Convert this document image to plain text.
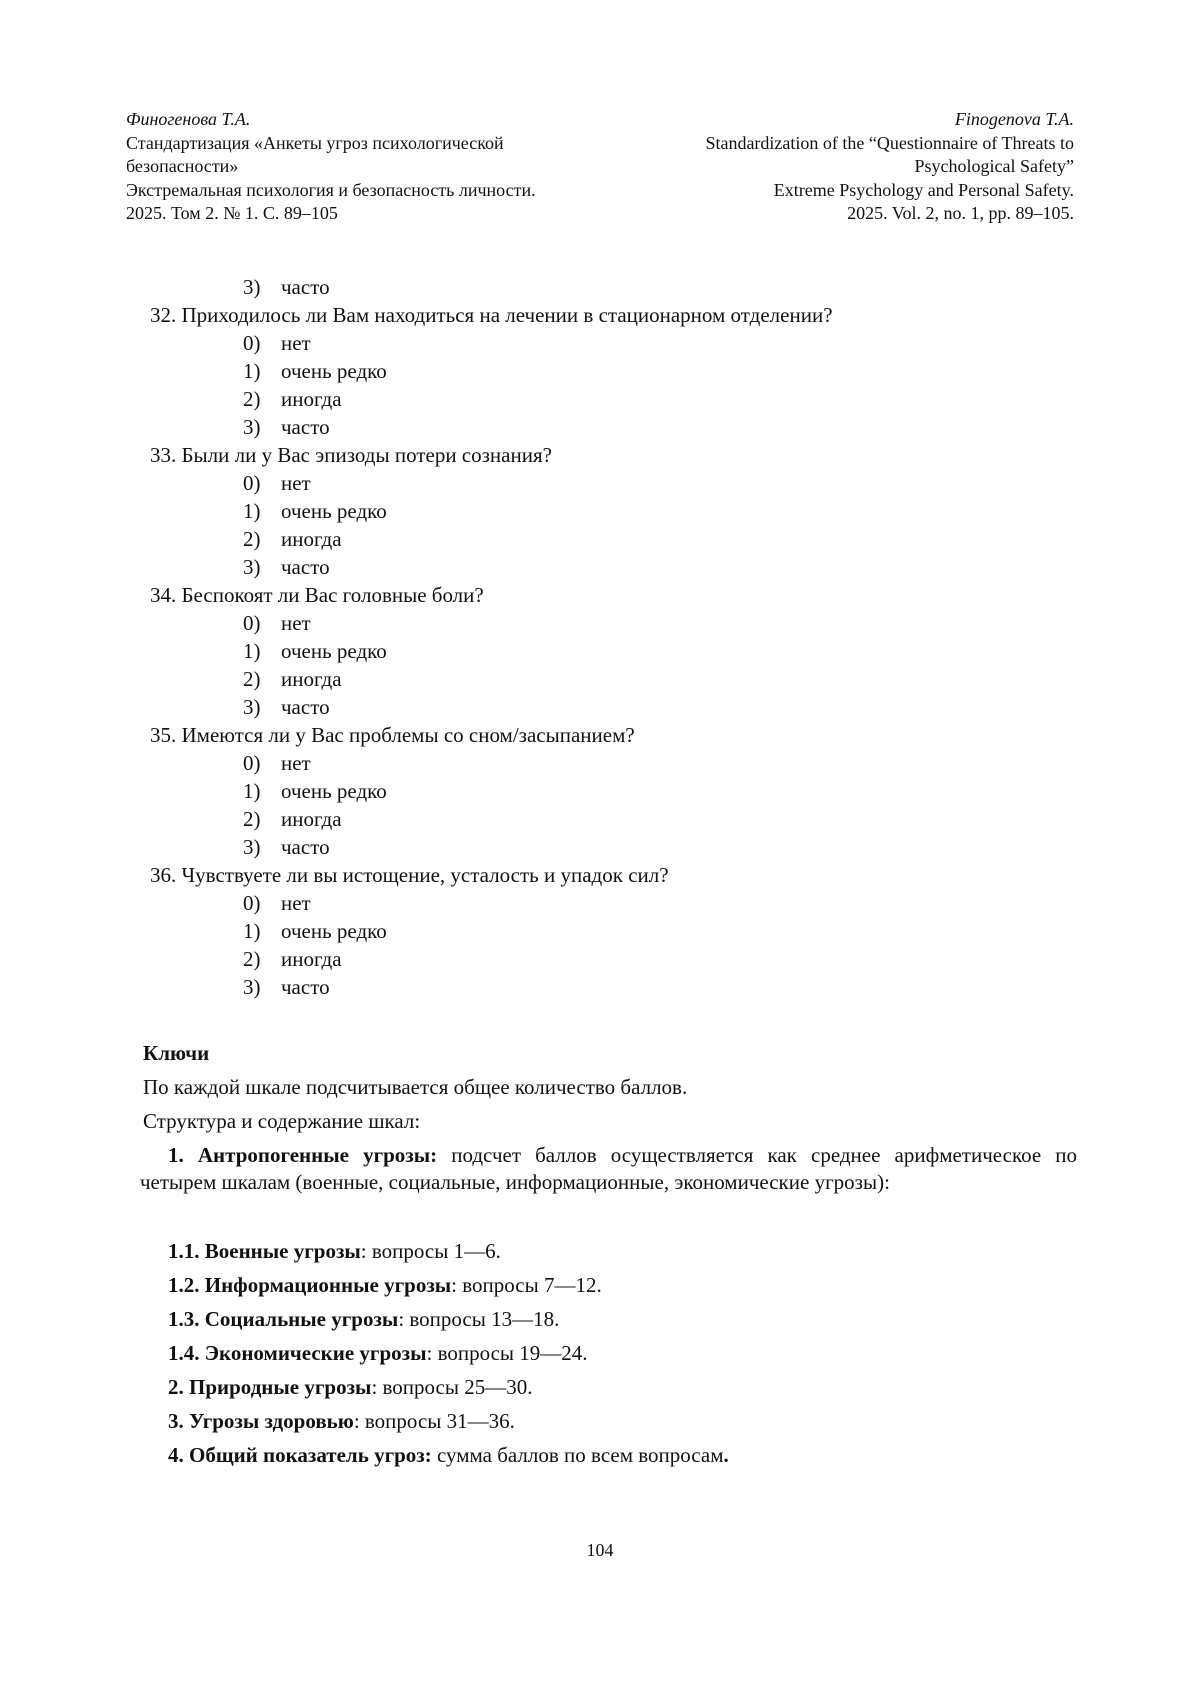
Финогенова Т.А.
Стандартизация «Анкеты угроз психологической
безопасности»
Экстремальная психология и безопасность личности.
2025. Том 2. № 1. С. 89–105
Finogenova T.A.
Standardization of the “Questionnaire of Threats to
Psychological Safety”
Extreme Psychology and Personal Safety.
2025. Vol. 2, no. 1, pp. 89–105.
3) часто
32. Приходилось ли Вам находиться на лечении в стационарном отделении?
0) нет
1) очень редко
2) иногда
3) часто
33. Были ли у Вас эпизоды потери сознания?
0) нет
1) очень редко
2) иногда
3) часто
34. Беспокоят ли Вас головные боли?
0) нет
1) очень редко
2) иногда
3) часто
35. Имеются ли у Вас проблемы со сном/засыпанием?
0) нет
1) очень редко
2) иногда
3) часто
36. Чувствуете ли вы истощение, усталость и упадок сил?
0) нет
1) очень редко
2) иногда
3) часто
Ключи
По каждой шкале подсчитывается общее количество баллов.
Структура и содержание шкал:
1. Антропогенные угрозы: подсчет баллов осуществляется как среднее арифметическое по четырем шкалам (военные, социальные, информационные, экономические угрозы):
1.1. Военные угрозы: вопросы 1—6.
1.2. Информационные угрозы: вопросы 7—12.
1.3. Социальные угрозы: вопросы 13—18.
1.4. Экономические угрозы: вопросы 19—24.
2. Природные угрозы: вопросы 25—30.
3. Угрозы здоровью: вопросы 31—36.
4. Общий показатель угроз: сумма баллов по всем вопросам.
104
